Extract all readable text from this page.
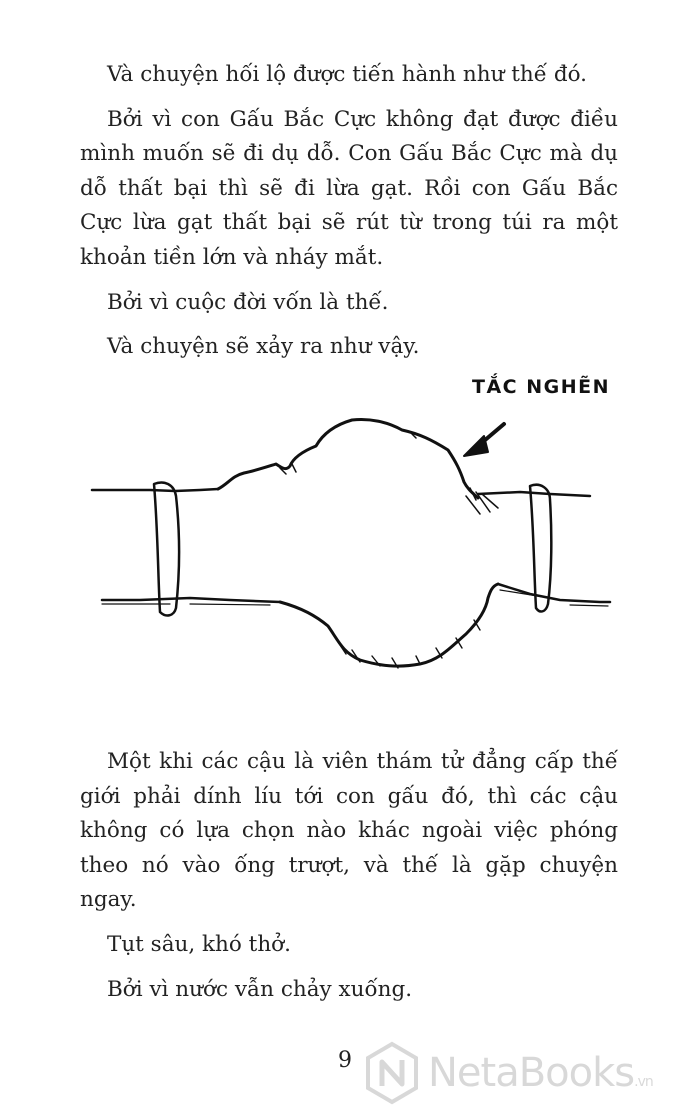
Và chuyện hối lộ được tiến hành như thế đó.

Bởi vì con Gấu Bắc Cực không đạt được điều mình muốn sẽ đi dụ dỗ. Con Gấu Bắc Cực mà dụ dỗ thất bại thì sẽ đi lừa gạt. Rồi con Gấu Bắc Cực lừa gạt thất bại sẽ rút từ trong túi ra một khoản tiền lớn và nháy mắt.

Bởi vì cuộc đời vốn là thế.

Và chuyện sẽ xảy ra như vậy.

TẮC NGHẼN

Một khi các cậu là viên thám tử đẳng cấp thế giới phải dính líu tới con gấu đó, thì các cậu không có lựa chọn nào khác ngoài việc phóng theo nó vào ống trượt, và thế là gặp chuyện ngay.

Tụt sâu, khó thở.

Bởi vì nước vẫn chảy xuống.

9 NetaBooks.vn
